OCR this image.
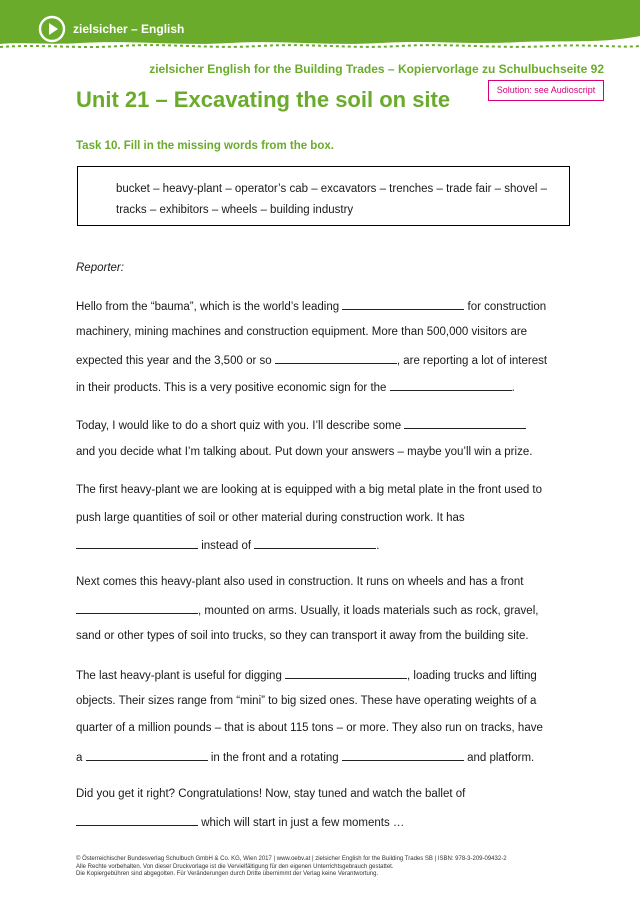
zielsicher – English
zielsicher English for the Building Trades – Kopiervorlage zu Schulbuchseite 92
Unit 21 – Excavating the soil on site	Solution: see Audioscript
Task 10. Fill in the missing words from the box.
bucket – heavy-plant – operator’s cab – excavators – trenches – trade fair – shovel –
tracks – exhibitors – wheels – building industry
Reporter:
Hello from the “bauma”, which is the world’s leading	for construction
machinery, mining machines and construction equipment. More than 500,000 visitors are
expected this year and the 3,500 or so	, are reporting a lot of interest
in their products. This is a very positive economic sign for the	.
Today, I would like to do a short quiz with you. I’ll describe some
and you decide what I’m talking about. Put down your answers – maybe you’ll win a prize.
The first heavy-plant we are looking at is equipped with a big metal plate in the front used to
push large quantities of soil or other material during construction work. It has
instead of	.
Next comes this heavy-plant also used in construction. It runs on wheels and has a front
, mounted on arms. Usually, it loads materials such as rock, gravel,
sand or other types of soil into trucks, so they can transport it away from the building site.
The last heavy-plant is useful for digging	, loading trucks and lifting
objects. Their sizes range from “mini” to big sized ones. These have operating weights of a
quarter of a million pounds – that is about 115 tons – or more. They also run on tracks, have
a	in the front and a rotating	and platform.
Did you get it right? Congratulations! Now, stay tuned and watch the ballet of
which will start in just a few moments …
© Österreichischer Bundesverlag Schulbuch GmbH & Co. KG, Wien 2017 | www.oebv.at | zielsicher English for the Building Trades SB | ISBN: 978-3-209-09432-2
Alle Rechte vorbehalten. Von dieser Druckvorlage ist die Vervielfältigung für den eigenen Unterrichtsgebrauch gestattet.
Die Kopiergebühren sind abgegolten. Für Veränderungen durch Dritte übernimmt der Verlag keine Verantwortung.
